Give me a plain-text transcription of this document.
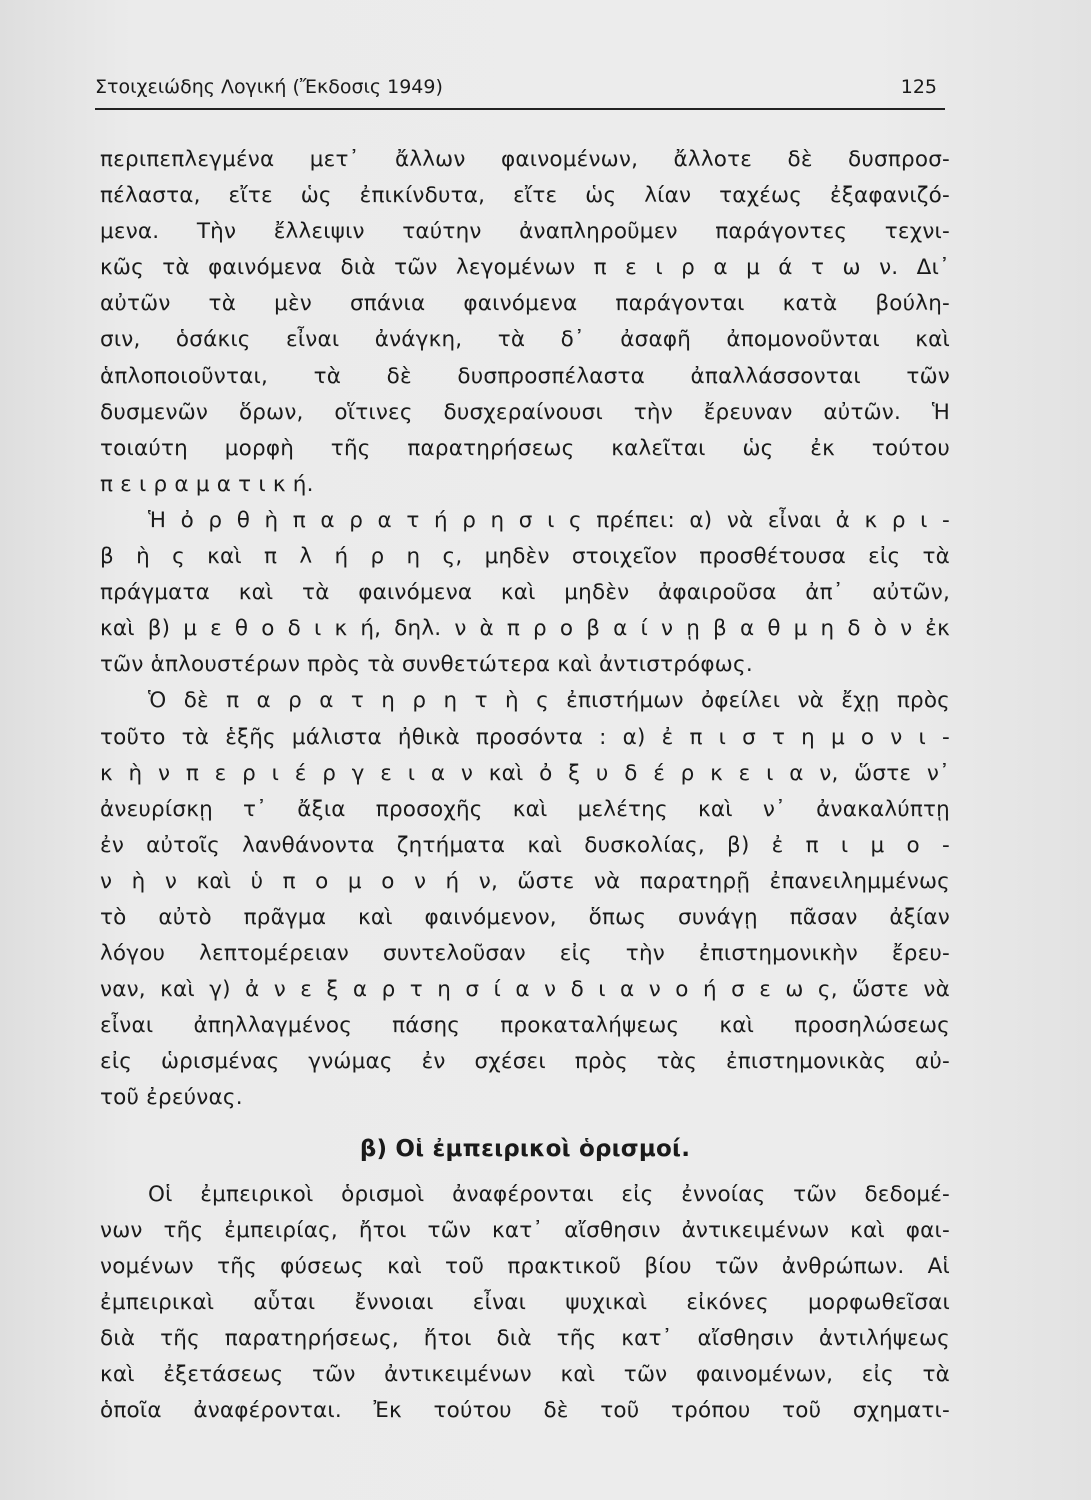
Στοιχειώδης Λογική (Ἔκδοσις 1949)	125

περιπεπλεγμένα μετ᾽ ἄλλων φαινομένων, ἄλλοτε δὲ δυσπροσ-
πέλαστα, εἴτε ὡς ἐπικίνδυτα, εἴτε ὡς λίαν ταχέως ἐξαφανιζό-
μενα. Τὴν ἔλλειψιν ταύτην ἀναπληροῦμεν παράγοντες τεχνι-
κῶς τὰ φαινόμενα διὰ τῶν λεγομένων π ε ι ρ α μ ά τ ω ν. Δι᾽
αὐτῶν τὰ μὲν σπάνια φαινόμενα παράγονται κατὰ βούλη-
σιν, ὁσάκις εἶναι ἀνάγκη, τὰ δ᾽ ἀσαφῆ ἀπομονοῦνται καὶ
ἁπλοποιοῦνται, τὰ δὲ δυσπροσπέλαστα ἀπαλλάσσονται τῶν
δυσμενῶν ὅρων, οἵτινες δυσχεραίνουσι τὴν ἔρευναν αὐτῶν. Ἡ
τοιαύτη μορφὴ τῆς παρατηρήσεως καλεῖται ὡς ἐκ τούτου
π ε ι ρ α μ α τ ι κ ή.

Ἡ ὀ ρ θ ὴ π α ρ α τ ή ρ η σ ι ς πρέπει: α) νὰ εἶναι ἀ κ ρ ι -
β ὴ ς καὶ π λ ή ρ η ς, μηδὲν στοιχεῖον προσθέτουσα εἰς τὰ
πράγματα καὶ τὰ φαινόμενα καὶ μηδὲν ἀφαιροῦσα ἀπ᾽ αὐτῶν,
καὶ β) μ ε θ ο δ ι κ ή, δηλ. ν ὰ π ρ ο β α ί ν ῃ β α θ μ η δ ὸ ν ἐκ
τῶν ἁπλουστέρων πρὸς τὰ συνθετώτερα καὶ ἀντιστρόφως.

Ὁ δὲ π α ρ α τ η ρ η τ ὴ ς ἐπιστήμων ὀφείλει νὰ ἔχῃ πρὸς
τοῦτο τὰ ἑξῆς μάλιστα ἠθικὰ προσόντα : α) ἐ π ι σ τ η μ ο ν ι -
κ ὴ ν π ε ρ ι έ ρ γ ε ι α ν καὶ ὀ ξ υ δ έ ρ κ ε ι α ν, ὥστε ν᾽
ἀνευρίσκῃ τ᾽ ἄξια προσοχῆς καὶ μελέτης καὶ ν᾽ ἀνακαλύπτῃ
ἐν αὐτοῖς λανθάνοντα ζητήματα καὶ δυσκολίας, β) ἐ π ι μ ο -
ν ὴ ν καὶ ὑ π ο μ ο ν ή ν, ὥστε νὰ παρατηρῇ ἐπανειλημμένως
τὸ αὐτὸ πρᾶγμα καὶ φαινόμενον, ὅπως συνάγῃ πᾶσαν ἀξίαν
λόγου λεπτομέρειαν συντελοῦσαν εἰς τὴν ἐπιστημονικὴν ἔρευ-
ναν, καὶ γ) ἀ ν ε ξ α ρ τ η σ ί α ν δ ι α ν ο ή σ ε ω ς, ὥστε νὰ
εἶναι ἀπηλλαγμένος πάσης προκαταλήψεως καὶ προσηλώσεως
εἰς ὡρισμένας γνώμας ἐν σχέσει πρὸς τὰς ἐπιστημονικὰς αὐ-
τοῦ ἐρεύνας.

β) Οἱ ἐμπειρικοὶ ὁρισμοί.

Οἱ ἐμπειρικοὶ ὁρισμοὶ ἀναφέρονται εἰς ἐννοίας τῶν δεδομέ-
νων τῆς ἐμπειρίας, ἤτοι τῶν κατ᾽ αἴσθησιν ἀντικειμένων καὶ φαι-
νομένων τῆς φύσεως καὶ τοῦ πρακτικοῦ βίου τῶν ἀνθρώπων. Αἱ
ἐμπειρικαὶ αὗται ἔννοιαι εἶναι ψυχικαὶ εἰκόνες μορφωθεῖσαι
διὰ τῆς παρατηρήσεως, ἤτοι διὰ τῆς κατ᾽ αἴσθησιν ἀντιλήψεως
καὶ ἐξετάσεως τῶν ἀντικειμένων καὶ τῶν φαινομένων, εἰς τὰ
ὁποῖα ἀναφέρονται. Ἐκ τούτου δὲ τοῦ τρόπου τοῦ σχηματι-
